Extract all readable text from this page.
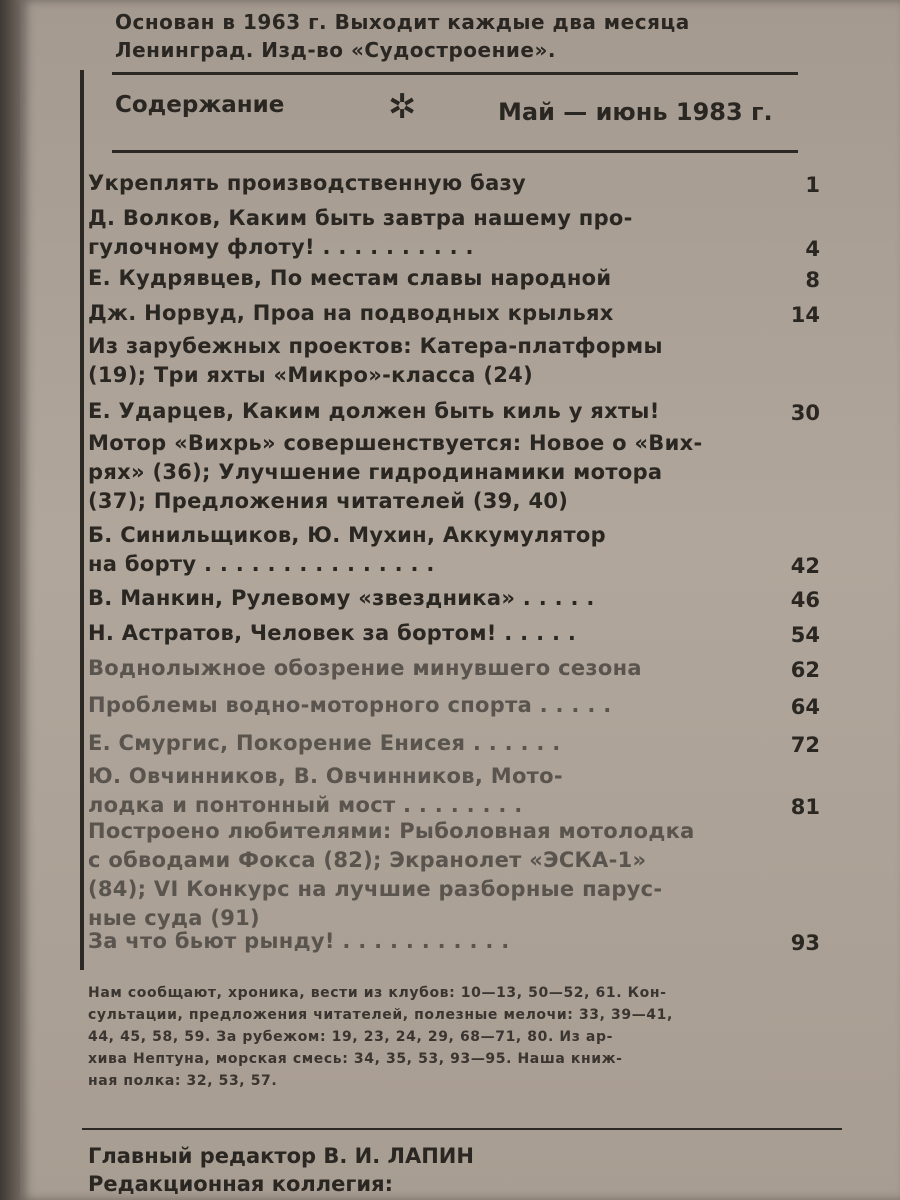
Основан в 1963 г. Выходит каждые два месяца
Ленинград. Изд-во «Судостроение».
Содержание	✲	Май — июнь 1983 г.
Укреплять производственную базу	1
Д. Волков, Каким быть завтра нашему про-
гулочному флоту! . . . . . . . . . .	4
Е. Кудрявцев, По местам славы народной	8
Дж. Норвуд, Проа на подводных крыльях	14
Из зарубежных проектов: Катера-платформы
(19); Три яхты «Микро»-класса (24)
Е. Ударцев, Каким должен быть киль у яхты!	30
Мотор «Вихрь» совершенствуется: Новое о «Вих-
рях» (36); Улучшение гидродинамики мотора
(37); Предложения читателей (39, 40)
Б. Синильщиков, Ю. Мухин, Аккумулятор
на борту . . . . . . . . . . . . . . .	42
В. Манкин, Рулевому «звездника» . . . . .	46
Н. Астратов, Человек за бортом! . . . . .	54
Воднолыжное обозрение минувшего сезона	62
Проблемы водно-моторного спорта . . . . .	64
Е. Смургис, Покорение Енисея . . . . . .	72
Ю. Овчинников, В. Овчинников, Мото-
лодка и понтонный мост . . . . . . . .	81
Построено любителями: Рыболовная мотолодка
с обводами Фокса (82); Экранолет «ЭСКА-1»
(84); VI Конкурс на лучшие разборные парус-
ные суда (91)
За что бьют рынду! . . . . . . . . . . .	93
Нам сообщают, хроника, вести из клубов: 10—13, 50—52, 61. Кон-
сультации, предложения читателей, полезные мелочи: 33, 39—41,
44, 45, 58, 59. За рубежом: 19, 23, 24, 29, 68—71, 80. Из ар-
хива Нептуна, морская смесь: 34, 35, 53, 93—95. Наша книж-
ная полка: 32, 53, 57.
Главный редактор В. И. ЛАПИН
Редакционная коллегия:
